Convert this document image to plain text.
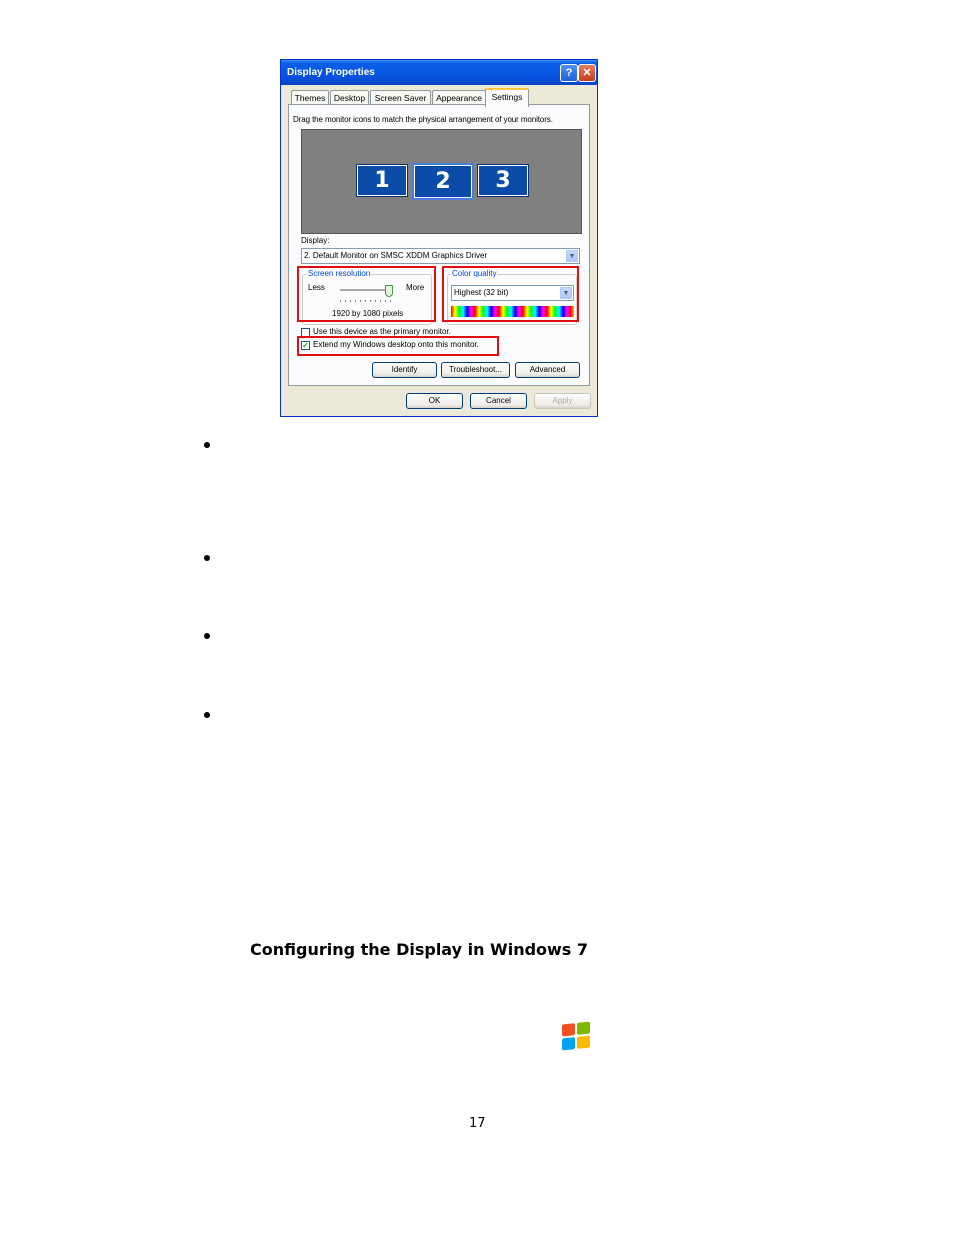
Display Properties	? ✕
Themes	Desktop	Screen Saver	Appearance	Settings
Drag the monitor icons to match the physical arrangement of your monitors.
1	2	3
Display:
2. Default Monitor on SMSC XDDM Graphics Driver	▼
Screen resolution
Less	More
1920 by 1080 pixels
Color quality
Highest (32 bit)	▼
Use this device as the primary monitor.
✓ Extend my Windows desktop onto this monitor.
Identify	Troubleshoot...	Advanced
OK	Cancel	Apply
Configuring the Display in Windows 7
17
